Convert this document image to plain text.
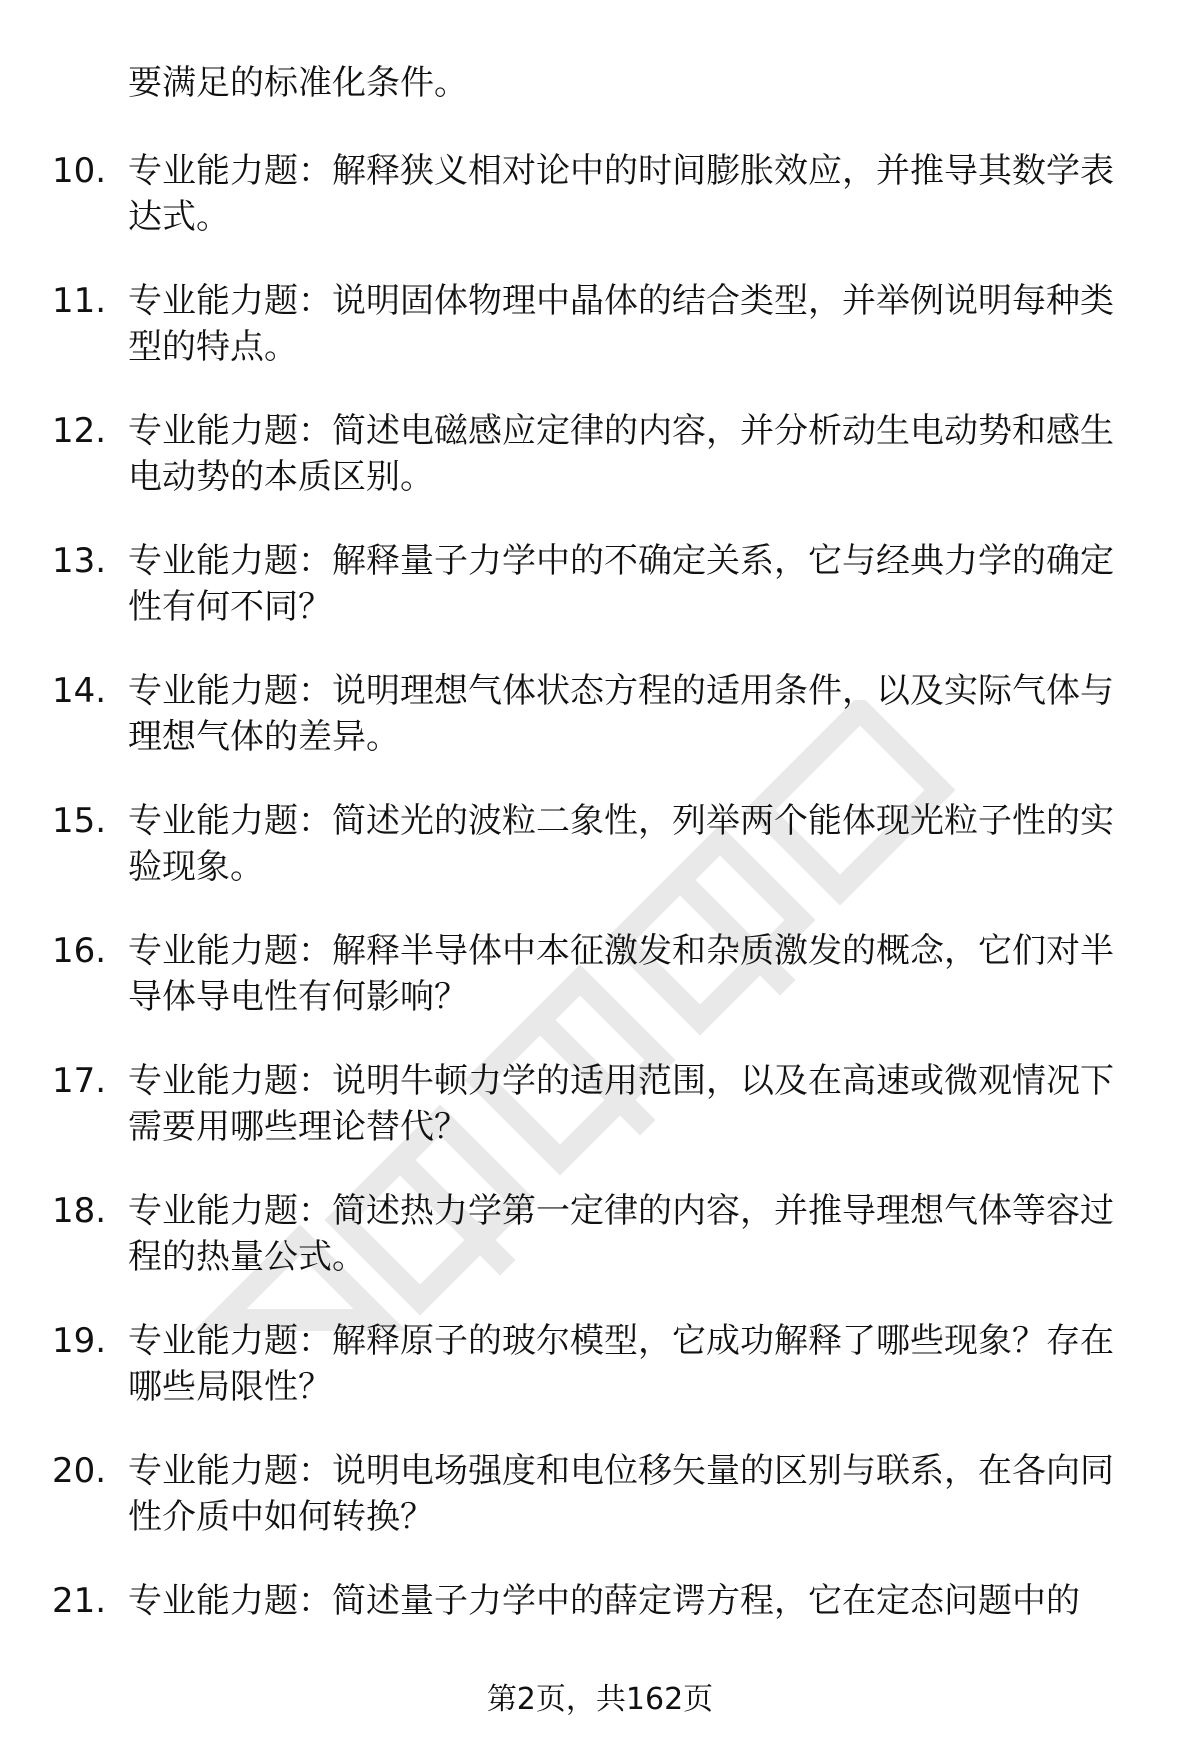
要满足的标准化条件。
10. 专业能力题：解释狭义相对论中的时间膨胀效应，并推导其数学表达式。
11. 专业能力题：说明固体物理中晶体的结合类型，并举例说明每种类型的特点。
12. 专业能力题：简述电磁感应定律的内容，并分析动生电动势和感生电动势的本质区别。
13. 专业能力题：解释量子力学中的不确定关系，它与经典力学的确定性有何不同？
14. 专业能力题：说明理想气体状态方程的适用条件，以及实际气体与理想气体的差异。
15. 专业能力题：简述光的波粒二象性，列举两个能体现光粒子性的实验现象。
16. 专业能力题：解释半导体中本征激发和杂质激发的概念，它们对半导体导电性有何影响？
17. 专业能力题：说明牛顿力学的适用范围，以及在高速或微观情况下需要用哪些理论替代？
18. 专业能力题：简述热力学第一定律的内容，并推导理想气体等容过程的热量公式。
19. 专业能力题：解释原子的玻尔模型，它成功解释了哪些现象？存在哪些局限性？
20. 专业能力题：说明电场强度和电位移矢量的区别与联系，在各向同性介质中如何转换？
21. 专业能力题：简述量子力学中的薛定谔方程，它在定态问题中的
第2页，共162页
